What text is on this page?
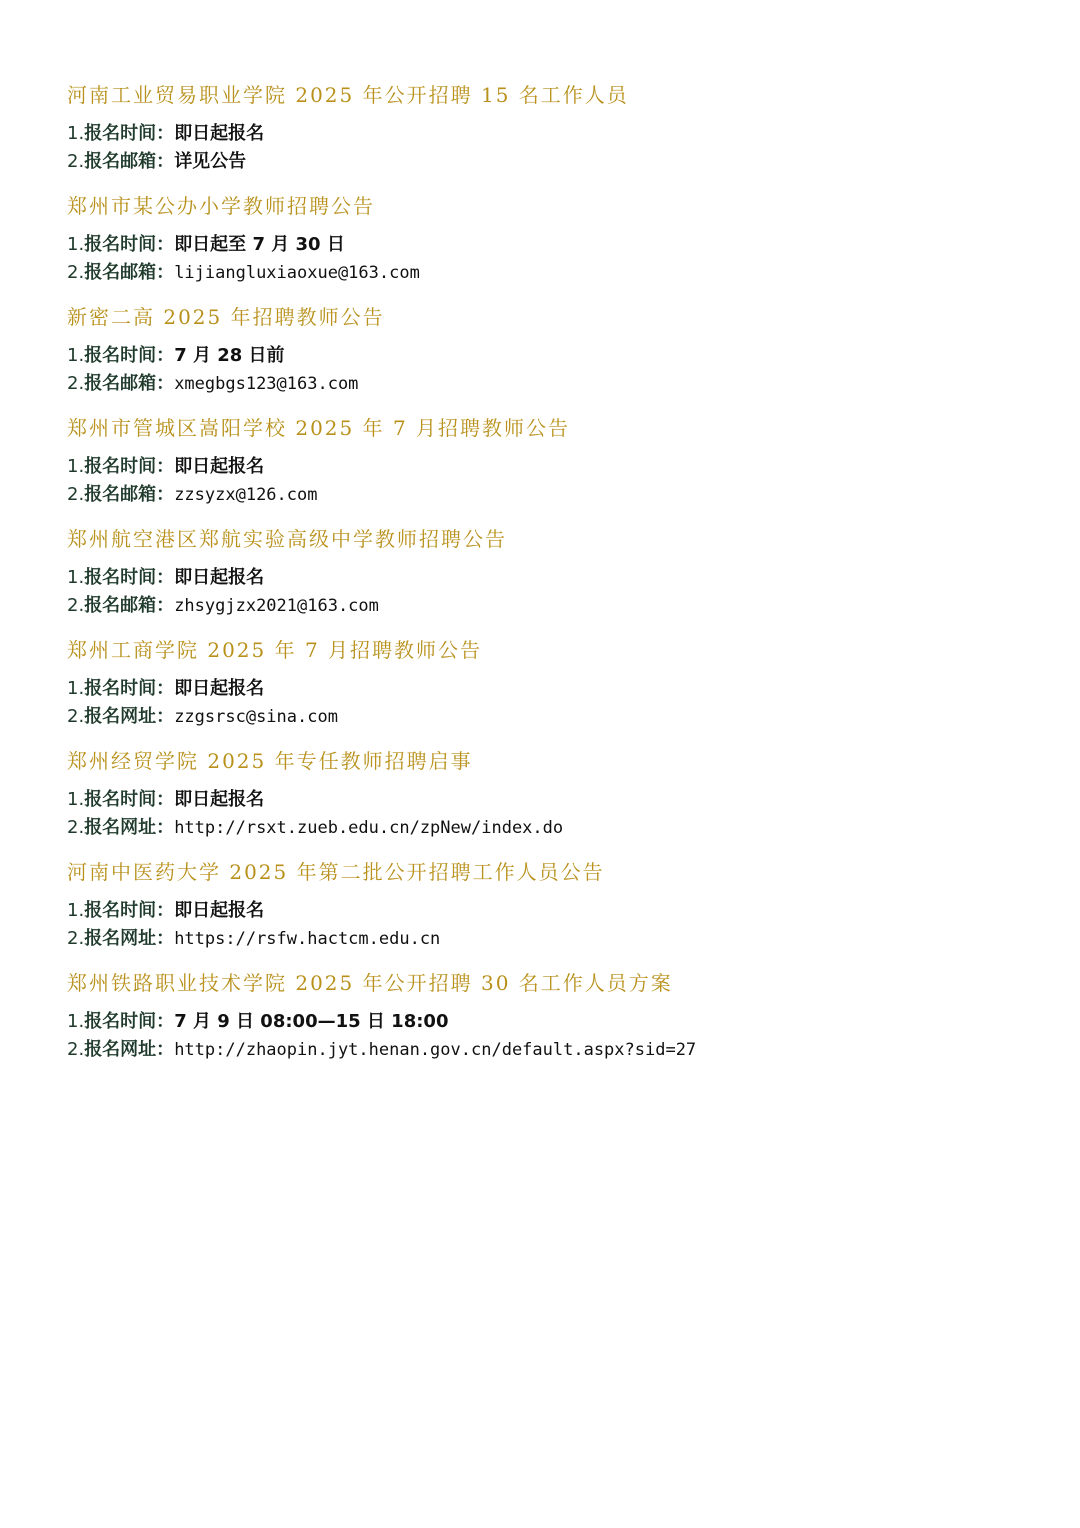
河南工业贸易职业学院 2025 年公开招聘 15 名工作人员
1.报名时间：即日起报名
2.报名邮箱：详见公告
郑州市某公办小学教师招聘公告
1.报名时间：即日起至 7 月 30 日
2.报名邮箱：lijiangluxiaoxue@163.com
新密二高 2025 年招聘教师公告
1.报名时间：7 月 28 日前
2.报名邮箱：xmegbgs123@163.com
郑州市管城区嵩阳学校 2025 年 7 月招聘教师公告
1.报名时间：即日起报名
2.报名邮箱：zzsyzx@126.com
郑州航空港区郑航实验高级中学教师招聘公告
1.报名时间：即日起报名
2.报名邮箱：zhsygjzx2021@163.com
郑州工商学院 2025 年 7 月招聘教师公告
1.报名时间：即日起报名
2.报名网址：zzgsrsc@sina.com
郑州经贸学院 2025 年专任教师招聘启事
1.报名时间：即日起报名
2.报名网址：http://rsxt.zueb.edu.cn/zpNew/index.do
河南中医药大学 2025 年第二批公开招聘工作人员公告
1.报名时间：即日起报名
2.报名网址：https://rsfw.hactcm.edu.cn
郑州铁路职业技术学院 2025 年公开招聘 30 名工作人员方案
1.报名时间：7 月 9 日 08:00—15 日 18:00
2.报名网址：http://zhaopin.jyt.henan.gov.cn/default.aspx?sid=27
